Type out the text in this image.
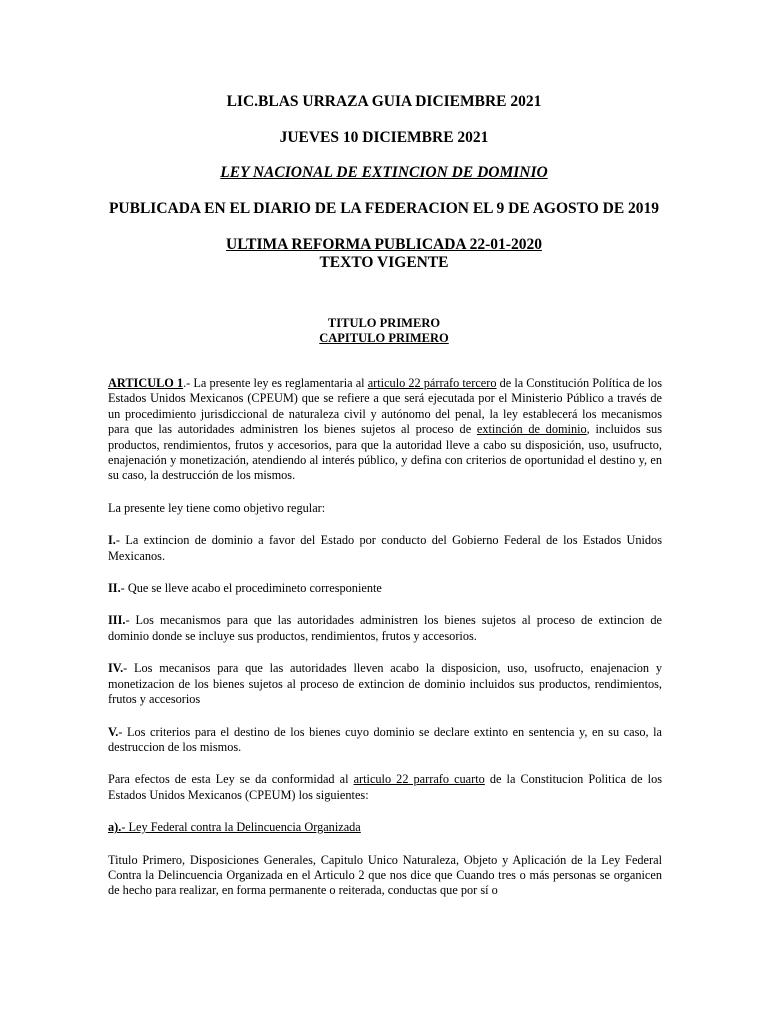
LIC.BLAS URRAZA GUIA DICIEMBRE 2021

JUEVES 10 DICIEMBRE 2021

LEY NACIONAL DE EXTINCION DE DOMINIO

PUBLICADA EN EL DIARIO DE LA FEDERACION EL 9 DE AGOSTO DE 2019

ULTIMA REFORMA PUBLICADA 22-01-2020

TEXTO VIGENTE

TITULO PRIMERO

CAPITULO PRIMERO

ARTICULO 1.- La presente ley es reglamentaria al articulo 22 párrafo tercero de la Constitución Política de los Estados Unidos Mexicanos (CPEUM) que se refiere a que será ejecutada por el Ministerio Público a través de un procedimiento jurisdiccional de naturaleza civil y autónomo del penal, la ley establecerá los mecanismos para que las autoridades administren los bienes sujetos al proceso de extinción de dominio, incluidos sus productos, rendimientos, frutos y accesorios, para que la autoridad lleve a cabo su disposición, uso, usufructo, enajenación y monetización, atendiendo al interés público, y defina con criterios de oportunidad el destino y, en su caso, la destrucción de los mismos.

La presente ley tiene como objetivo regular:

I.- La extincion de dominio a favor del Estado por conducto del Gobierno Federal de los Estados Unidos Mexicanos.

II.- Que se lleve acabo el procedimineto corresponiente

III.- Los mecanismos para que las autoridades administren los bienes sujetos al proceso de extincion de dominio donde se incluye sus productos, rendimientos, frutos y accesorios.

IV.- Los mecanisos para que las autoridades lleven acabo la disposicion, uso, usofructo, enajenacion y monetizacion de los bienes sujetos al proceso de extincion de dominio incluidos sus productos, rendimientos, frutos y accesorios

V.- Los criterios para el destino de los bienes cuyo dominio se declare extinto en sentencia y, en su caso, la destruccion de los mismos.

Para efectos de esta Ley se da conformidad al articulo 22 parrafo cuarto de la Constitucion Politica de los Estados Unidos Mexicanos (CPEUM) los siguientes:

a).- Ley Federal contra la Delincuencia Organizada

Titulo Primero, Disposiciones Generales, Capitulo Unico Naturaleza, Objeto y Aplicación de la Ley Federal Contra la Delincuencia Organizada en el Articulo 2 que nos dice que Cuando tres o más personas se organicen de hecho para realizar, en forma permanente o reiterada, conductas que por sí o
